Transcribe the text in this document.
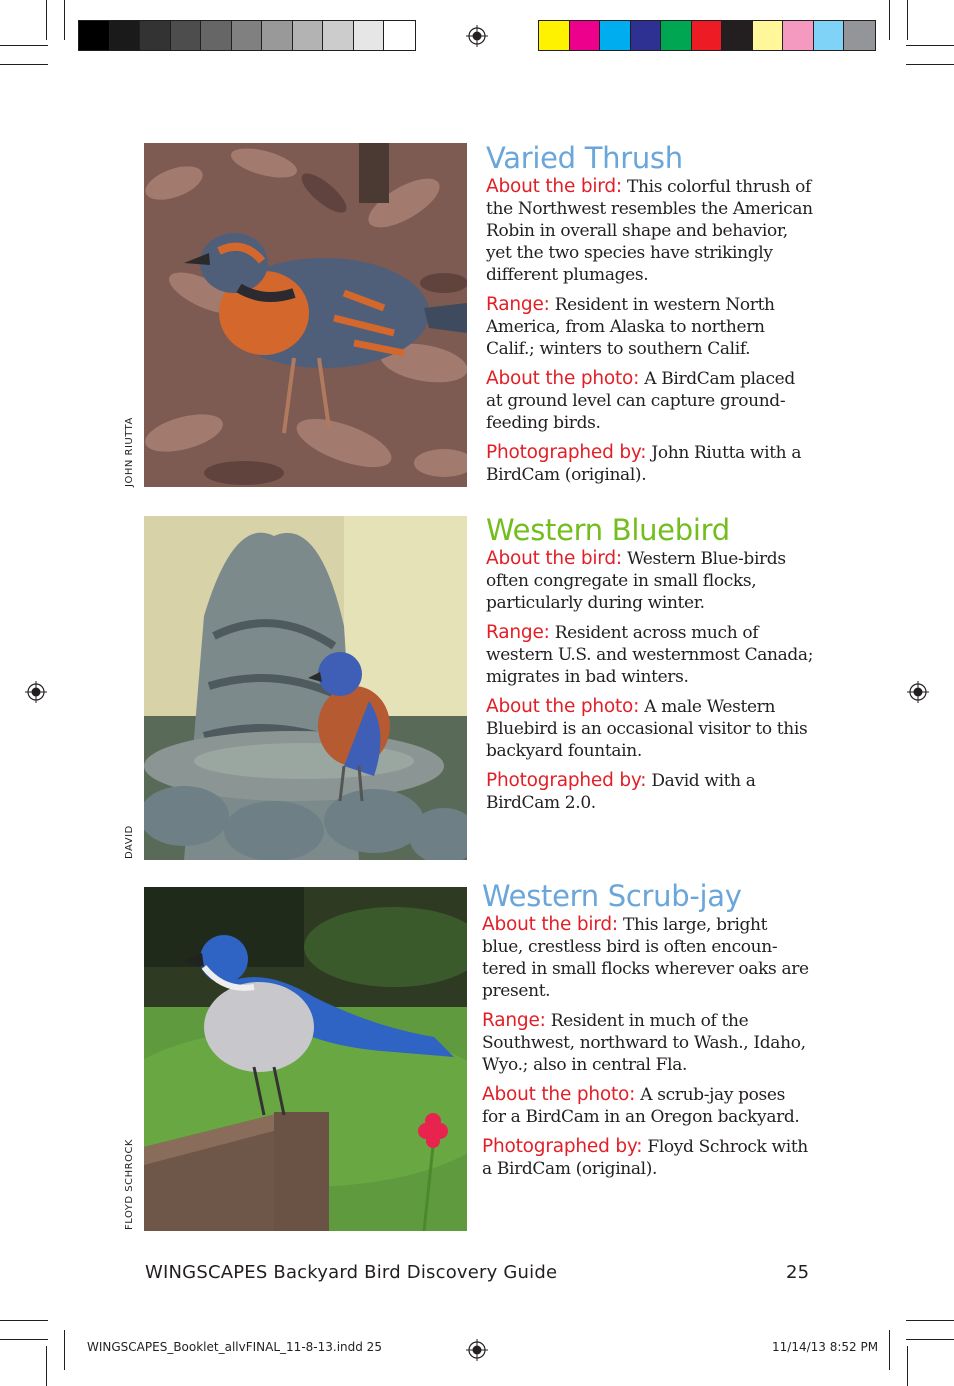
JOHN RIUTTA
Varied Thrush

About the bird: This colorful thrush of the Northwest resembles the American Robin in overall shape and behavior, yet the two species have strikingly different plumages.

Range: Resident in western North America, from Alaska to northern Calif.; winters to southern Calif.

About the photo: A BirdCam placed at ground level can capture ground-feeding birds.

Photographed by: John Riutta with a BirdCam (original).

DAVID
Western Bluebird

About the bird: Western Blue-birds often congregate in small flocks, particularly during winter.

Range: Resident across much of western U.S. and westernmost Canada; migrates in bad winters.

About the photo: A male Western Bluebird is an occasional visitor to this backyard fountain.

Photographed by: David with a BirdCam 2.0.

FLOYD SCHROCK
Western Scrub-jay

About the bird: This large, bright blue, crestless bird is often encoun-tered in small flocks wherever oaks are present.

Range: Resident in much of the Southwest, northward to Wash., Idaho, Wyo.; also in central Fla.

About the photo: A scrub-jay poses for a BirdCam in an Oregon backyard.

Photographed by: Floyd Schrock with a BirdCam (original).

WINGSCAPES Backyard Bird Discovery Guide	25
WINGSCAPES_Booklet_allvFINAL_11-8-13.indd 25	11/14/13 8:52 PM
